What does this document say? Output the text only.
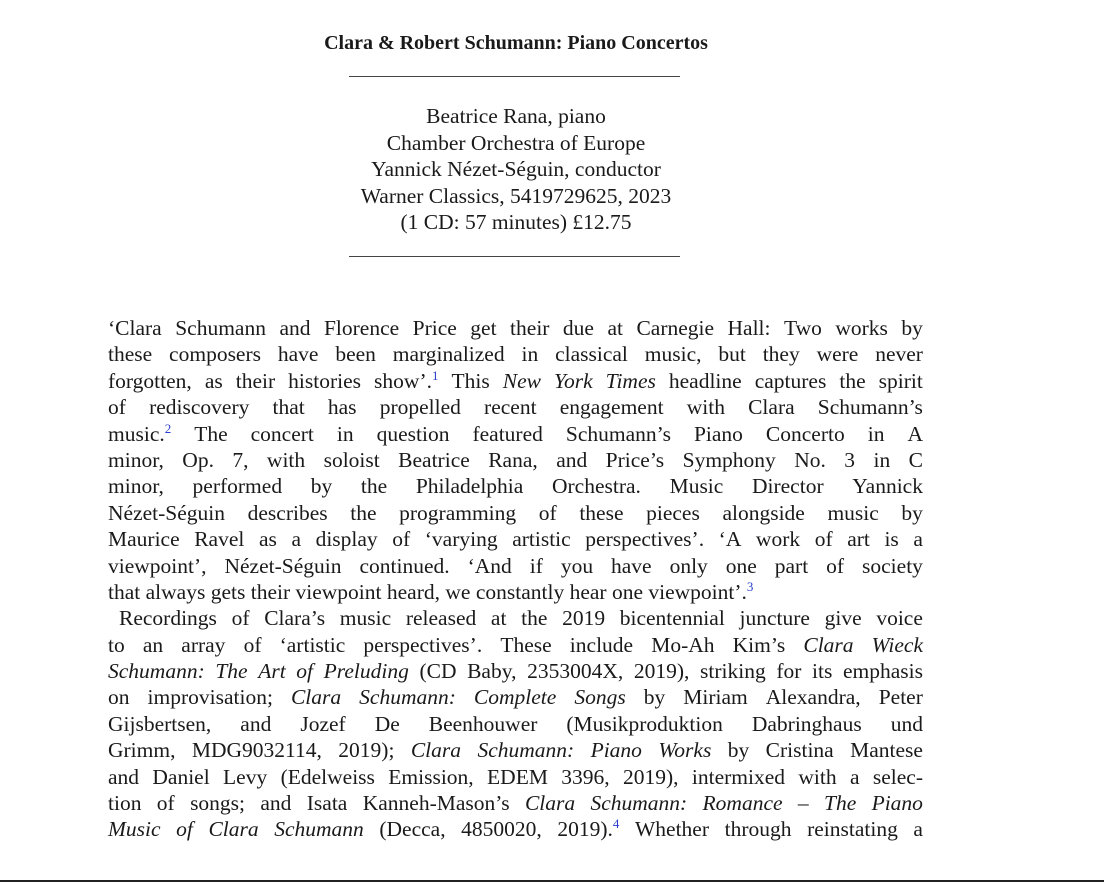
Clara & Robert Schumann: Piano Concertos
Beatrice Rana, piano
Chamber Orchestra of Europe
Yannick Nézet-Séguin, conductor
Warner Classics, 5419729625, 2023
(1 CD: 57 minutes) £12.75
‘Clara Schumann and Florence Price get their due at Carnegie Hall: Two works by
these composers have been marginalized in classical music, but they were never
forgotten, as their histories show’.$^1$ This New York Times headline captures the spirit
of rediscovery that has propelled recent engagement with Clara Schumann’s
music.$^2$ The concert in question featured Schumann’s Piano Concerto in A
minor, Op. 7, with soloist Beatrice Rana, and Price’s Symphony No. 3 in C
minor, performed by the Philadelphia Orchestra. Music Director Yannick
Nézet-Séguin describes the programming of these pieces alongside music by
Maurice Ravel as a display of ‘varying artistic perspectives’. ‘A work of art is a
viewpoint’, Nézet-Séguin continued. ‘And if you have only one part of society
that always gets their viewpoint heard, we constantly hear one viewpoint’.$^3$
Recordings of Clara’s music released at the 2019 bicentennial juncture give voice
to an array of ‘artistic perspectives’. These include Mo-Ah Kim’s Clara Wieck
Schumann: The Art of Preluding (CD Baby, 2353004X, 2019), striking for its emphasis
on improvisation; Clara Schumann: Complete Songs by Miriam Alexandra, Peter
Gijsbertsen, and Jozef De Beenhouwer (Musikproduktion Dabringhaus und
Grimm, MDG9032114, 2019); Clara Schumann: Piano Works by Cristina Mantese
and Daniel Levy (Edelweiss Emission, EDEM 3396, 2019), intermixed with a selec-
tion of songs; and Isata Kanneh-Mason’s Clara Schumann: Romance – The Piano
Music of Clara Schumann (Decca, 4850020, 2019).$^4$ Whether through reinstating a
